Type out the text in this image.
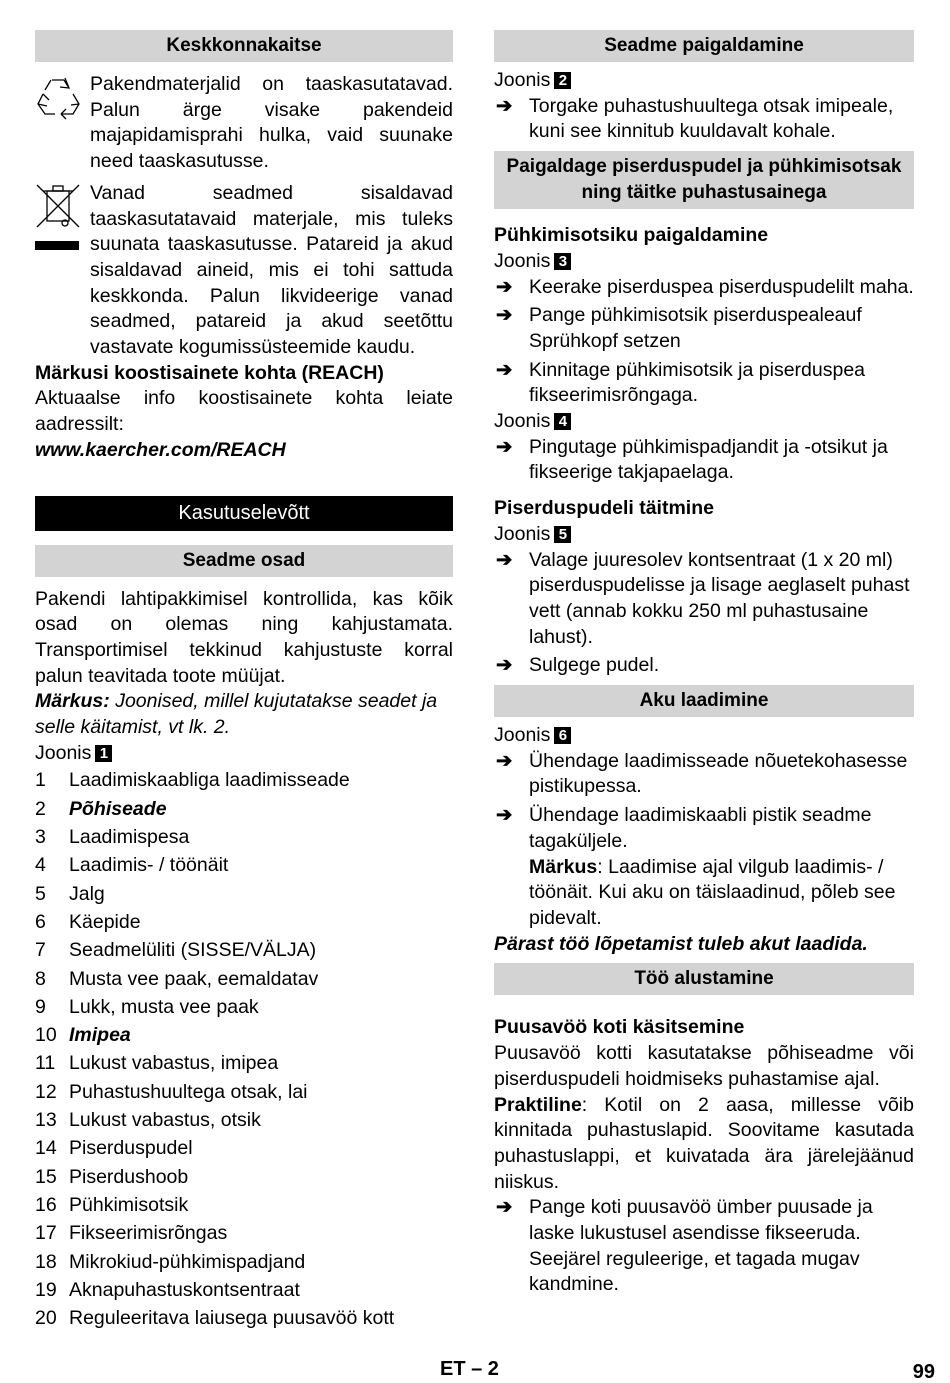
Keskkonnakaitse
Pakendmaterjalid on taaskasutatavad. Palun ärge visake pakendeid majapidamisprahi hulka, vaid suunake need taaskasutusse.
Vanad seadmed sisaldavad taaskasutatavaid materjale, mis tuleks suunata taaskasutusse. Patareid ja akud sisaldavad aineid, mis ei tohi sattuda keskkonda. Palun likvideerige vanad seadmed, patareid ja akud seetõttu vastavate kogumissüsteemide kaudu.
Märkusi koostisainete kohta (REACH)
Aktuaalse info koostisainete kohta leiate aadressilt:
www.kaercher.com/REACH
Kasutuselevõtt
Seadme osad
Pakendi lahtipakkimisel kontrollida, kas kõik osad on olemas ning kahjustamata. Transportimisel tekkinud kahjustuste korral palun teavitada toote müüjat.
Märkus: Joonised, millel kujutatakse seadet ja selle käitamist, vt lk. 2.
Joonis 1
1 Laadimiskaabliga laadimisseade
2 Põhiseade
3 Laadimispesa
4 Laadimis- / töönäit
5 Jalg
6 Käepide
7 Seadmelüliti (SISSE/VÄLJA)
8 Musta vee paak, eemaldatav
9 Lukk, musta vee paak
10 Imipea
11 Lukust vabastus, imipea
12 Puhastushuultega otsak, lai
13 Lukust vabastus, otsik
14 Piserduspudel
15 Piserdushoob
16 Pühkimisotsik
17 Fikseerimisrõngas
18 Mikrokiud-pühkimispadjand
19 Aknapuhastuskontsentraat
20 Reguleeritava laiusega puusavöö kott
Seadme paigaldamine
Joonis 2
➔ Torgake puhastushuultega otsak imipeale, kuni see kinnitub kuuldavalt kohale.
Paigaldage piserduspudel ja pühkimisotsak ning täitke puhastusainega
Pühkimisotsiku paigaldamine
Joonis 3
➔ Keerake piserduspea piserduspudelilt maha.
➔ Pange pühkimisotsik piserduspealeauf Sprühkopf setzen
➔ Kinnitage pühkimisotsik ja piserduspea fikseerimisrõngaga.
Joonis 4
➔ Pingutage pühkimispadjandit ja -otsikut ja fikseerige takjapaelaga.
Piserduspudeli täitmine
Joonis 5
➔ Valage juuresolev kontsentraat (1 x 20 ml) piserduspudelisse ja lisage aeglaselt puhast vett (annab kokku 250 ml puhastusaine lahust).
➔ Sulgege pudel.
Aku laadimine
Joonis 6
➔ Ühendage laadimisseade nõuetekohasesse pistikupessa.
➔ Ühendage laadimiskaabli pistik seadme tagaküljele.
Märkus: Laadimise ajal vilgub laadimis- / töönäit. Kui aku on täislaadinud, põleb see pidevalt.
Pärast töö lõpetamist tuleb akut laadida.
Töö alustamine
Puusavöö koti käsitsemine
Puusavöö kotti kasutatakse põhiseadme või piserduspudeli hoidmiseks puhastamise ajal.
Praktiline: Kotil on 2 aasa, millesse võib kinnitada puhastuslapid. Soovitame kasutada puhastuslappi, et kuivatada ära järelejäänud niiskus.
➔ Pange koti puusavöö ümber puusade ja laske lukustusel asendisse fikseeruda. Seejärel reguleerige, et tagada mugav kandmine.
ET – 2	99
